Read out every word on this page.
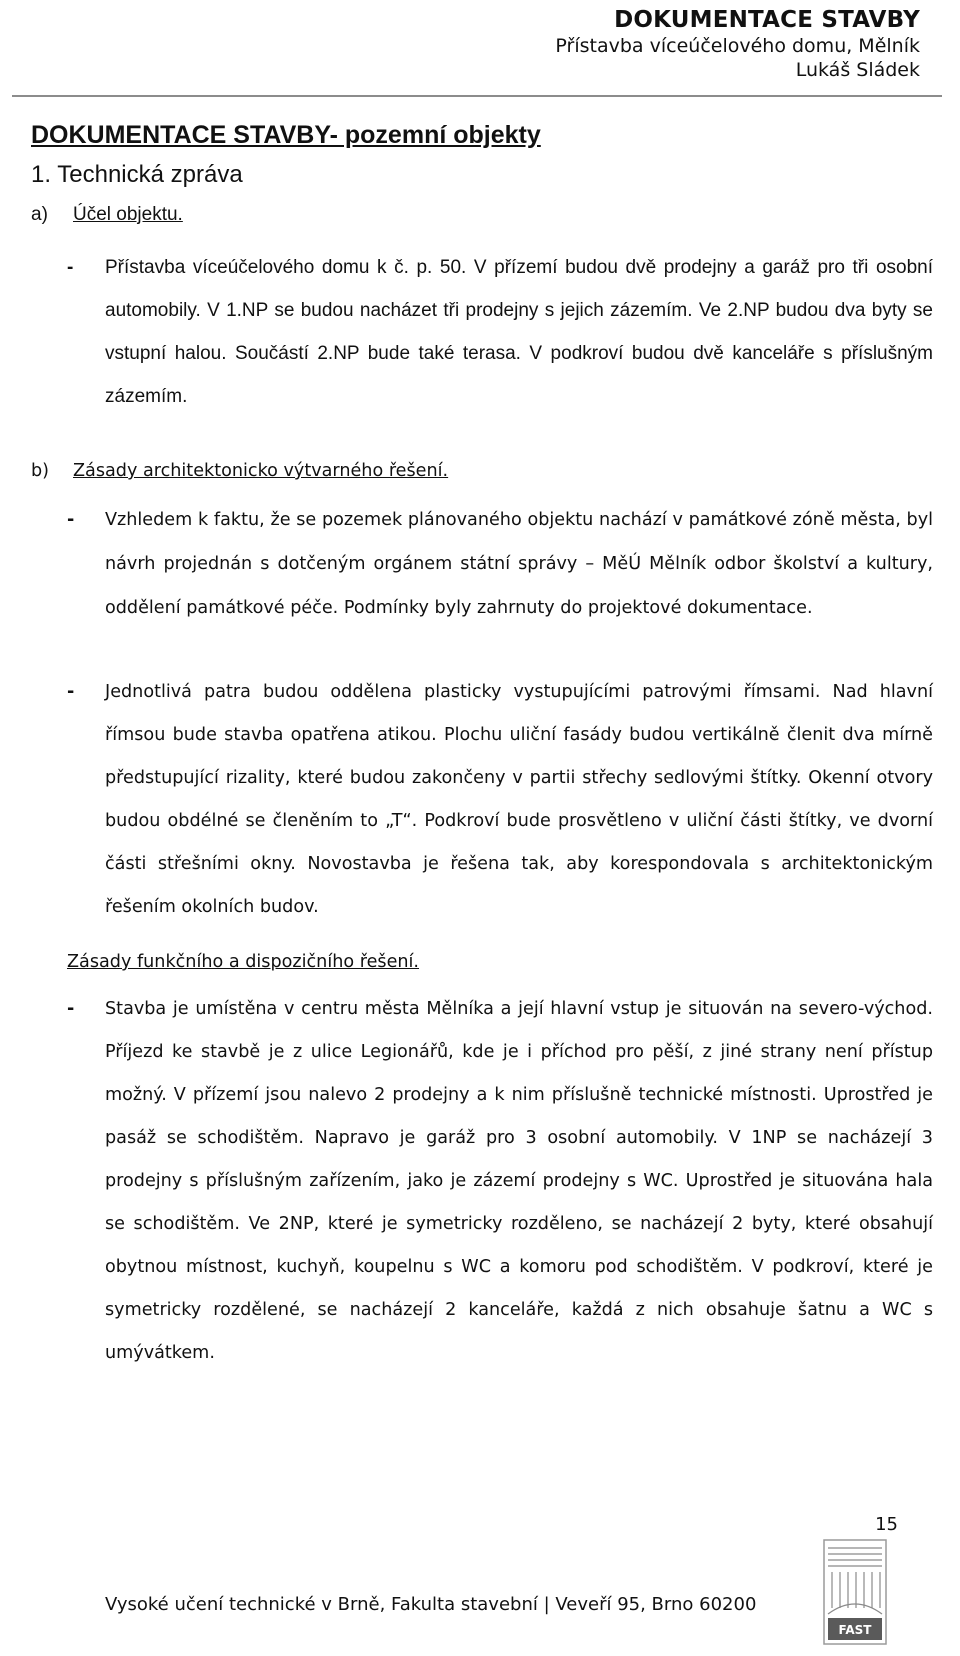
DOKUMENTACE STAVBY
Přístavba víceúčelového domu, Mělník
Lukáš Sládek
DOKUMENTACE STAVBY- pozemní objekty
1. Technická zpráva
a) Účel objektu.
- Přístavba víceúčelového domu k č. p. 50. V přízemí budou dvě prodejny a garáž pro tři osobní automobily. V 1.NP se budou nacházet tři prodejny s jejich zázemím. Ve 2.NP budou dva byty se vstupní halou. Součástí 2.NP bude také terasa. V podkroví budou dvě kanceláře s příslušným zázemím.
b) Zásady architektonicko výtvarného řešení.
- Vzhledem k faktu, že se pozemek plánovaného objektu nachází v památkové zóně města, byl návrh projednán s dotčeným orgánem státní správy – MěÚ Mělník odbor školství a kultury, oddělení památkové péče. Podmínky byly zahrnuty do projektové dokumentace.
- Jednotlivá patra budou oddělena plasticky vystupujícími patrovými římsami. Nad hlavní římsou bude stavba opatřena atikou. Plochu uliční fasády budou vertikálně členit dva mírně předstupující rizality, které budou zakončeny v partii střechy sedlovými štítky. Okenní otvory budou obdélné se členěním to „T“. Podkroví bude prosvětleno v uliční části štítky, ve dvorní části střešními okny. Novostavba je řešena tak, aby korespondovala s architektonickým řešením okolních budov.
Zásady funkčního a dispozičního řešení.
- Stavba je umístěna v centru města Mělníka a její hlavní vstup je situován na severo-východ. Příjezd ke stavbě je z ulice Legionářů, kde je i příchod pro pěší, z jiné strany není přístup možný. V přízemí jsou nalevo 2 prodejny a k nim příslušně technické místnosti. Uprostřed je pasáž se schodištěm. Napravo je garáž pro 3 osobní automobily. V 1NP se nacházejí 3 prodejny s příslušným zařízením, jako je zázemí prodejny s WC. Uprostřed je situována hala se schodištěm. Ve 2NP, které je symetricky rozděleno, se nacházejí 2 byty, které obsahují obytnou místnost, kuchyň, koupelnu s WC a komoru pod schodištěm. V podkroví, které je symetricky rozdělené, se nacházejí 2 kanceláře, každá z nich obsahuje šatnu a WC s umývátkem.
15
FAST
Vysoké učení technické v Brně, Fakulta stavební | Veveří 95, Brno 60200
